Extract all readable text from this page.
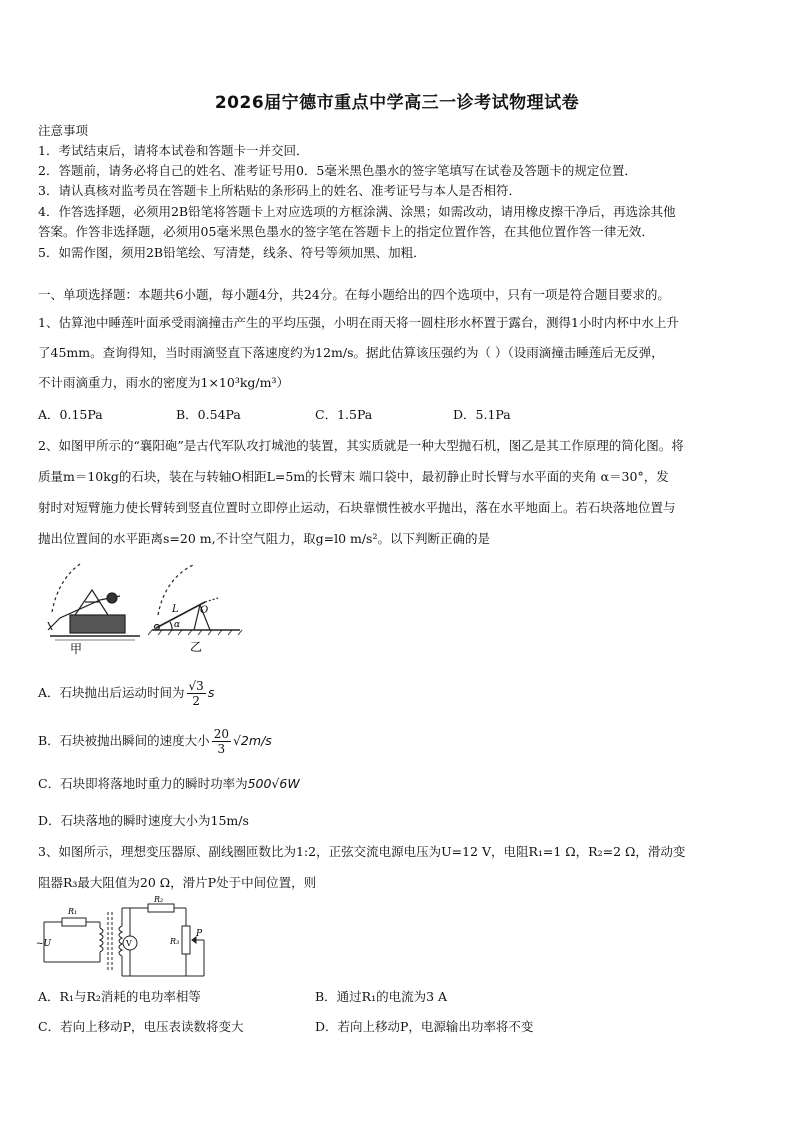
2026届宁德市重点中学高三一诊考试物理试卷
注意事项
1．考试结束后，请将本试卷和答题卡一并交回．
2．答题前，请务必将自己的姓名、准考证号用0．5毫米黑色墨水的签字笔填写在试卷及答题卡的规定位置．
3．请认真核对监考员在答题卡上所粘贴的条形码上的姓名、准考证号与本人是否相符．
4．作答选择题，必须用2B铅笔将答题卡上对应选项的方框涂满、涂黑；如需改动，请用橡皮擦干净后，再选涂其他
答案。作答非选择题，必须用05毫米黑色墨水的签字笔在答题卡上的指定位置作答，在其他位置作答一律无效．
5．如需作图，须用2B铅笔绘、写清楚，线条、符号等须加黑、加粗．
一、单项选择题：本题共6小题，每小题4分，共24分。在每小题给出的四个选项中，只有一项是符合题目要求的。
1、估算池中睡莲叶面承受雨滴撞击产生的平均压强，小明在雨天将一圆柱形水杯置于露台，测得1小时内杯中水上升
了45mm。查询得知，当时雨滴竖直下落速度约为12m/s。据此估算该压强约为（ ）（设雨滴撞击睡莲后无反弹，
不计雨滴重力，雨水的密度为1×10³kg/m³）
A．0.15Pa	B．0.54Pa	C．1.5Pa	D．5.1Pa
2、如图甲所示的“襄阳砲”是古代军队攻打城池的装置，其实质就是一种大型抛石机，图乙是其工作原理的简化图。将
质量m＝10kg的石块，装在与转轴O相距L=5m的长臂末 端口袋中，最初静止时长臂与水平面的夹角 α＝30°，发
射时对短臂施力使长臂转到竖直位置时立即停止运动，石块靠惯性被水平抛出，落在水平地面上。若石块落地位置与
抛出位置间的水平距离s=20 m,不计空气阻力，取g=l0 m/s²。以下判断正确的是
甲
L O
α
乙
A．石块抛出后运动时间为 $\frac{√3}{2}$ s
B．石块被抛出瞬间的速度大小 $\frac{20}{3} √2m/s$
C．石块即将落地时重力的瞬时功率为500√6W
D．石块落地的瞬时速度大小为15m/s
3、如图所示，理想变压器原、副线圈匝数比为1:2，正弦交流电源电压为U=12 V，电阻R₁=1 Ω，R₂=2 Ω，滑动变
阻器R₃最大阻值为20 Ω，滑片P处于中间位置，则
R₁
R₂
R₃
V
P
~U
A．R₁与R₂消耗的电功率相等	B．通过R₁的电流为3 A
C．若向上移动P，电压表读数将变大	D．若向上移动P，电源输出功率将不变
